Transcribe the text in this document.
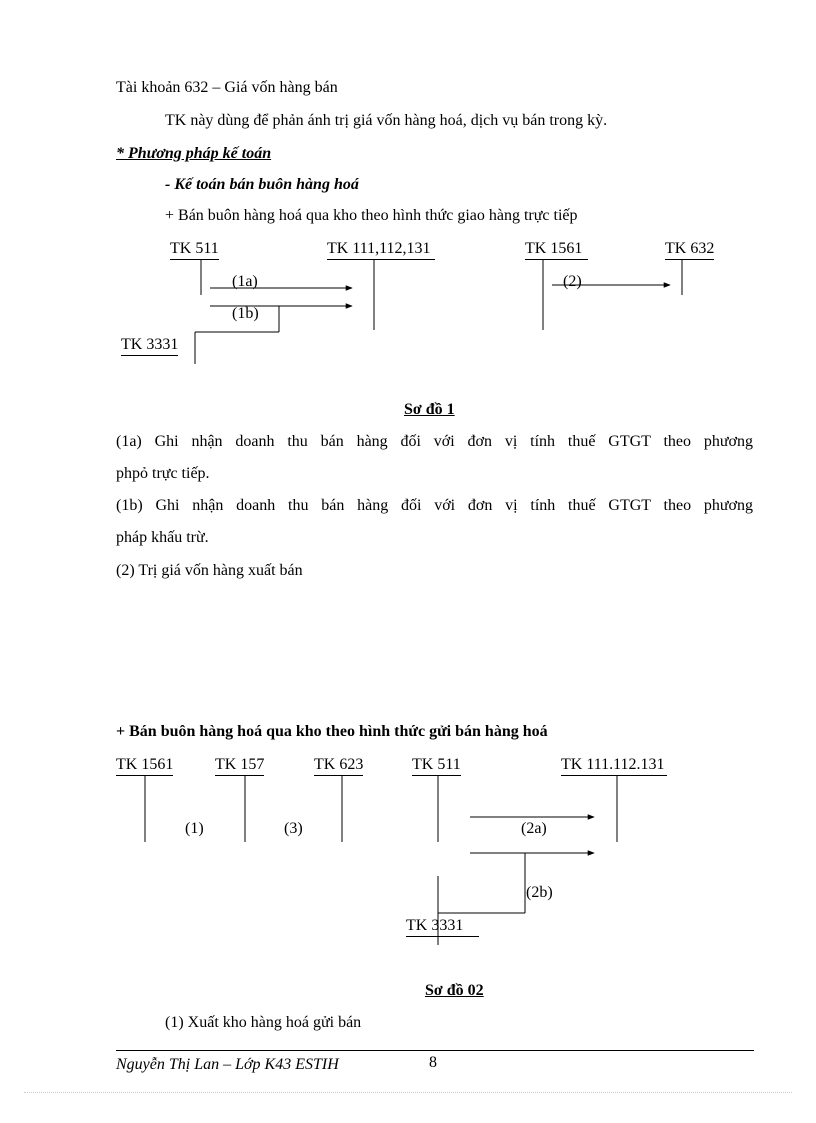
Tài khoản 632 – Giá vốn hàng bán
TK này dùng để phản ánh trị giá vốn hàng hoá, dịch vụ bán trong kỳ.
* Phương pháp kế toán
- Kế toán bán buôn hàng hoá
+ Bán buôn hàng hoá qua kho theo hình thức giao hàng trực tiếp
TK 511	TK 111,112,131	TK 1561	TK 632
TK 3331
(1a)
(1b)
(2)
Sơ đồ 1
(1a) Ghi nhận doanh thu bán hàng đối với đơn vị tính thuế GTGT theo phương
phpỏ trực tiếp.
(1b) Ghi nhận doanh thu bán hàng đối với đơn vị tính thuế GTGT theo phương
pháp khấu trừ.
(2) Trị giá vốn hàng xuất bán
+ Bán buôn hàng hoá qua kho theo hình thức gửi bán hàng hoá
TK 1561	TK 157	TK 623	TK 511	TK 111.112.131
TK 3331
(1)	(3)	(2a)
(2b)
Sơ đồ 02
(1) Xuất kho hàng hoá gửi bán
Nguyễn Thị Lan – Lớp K43 ESTIH	8
